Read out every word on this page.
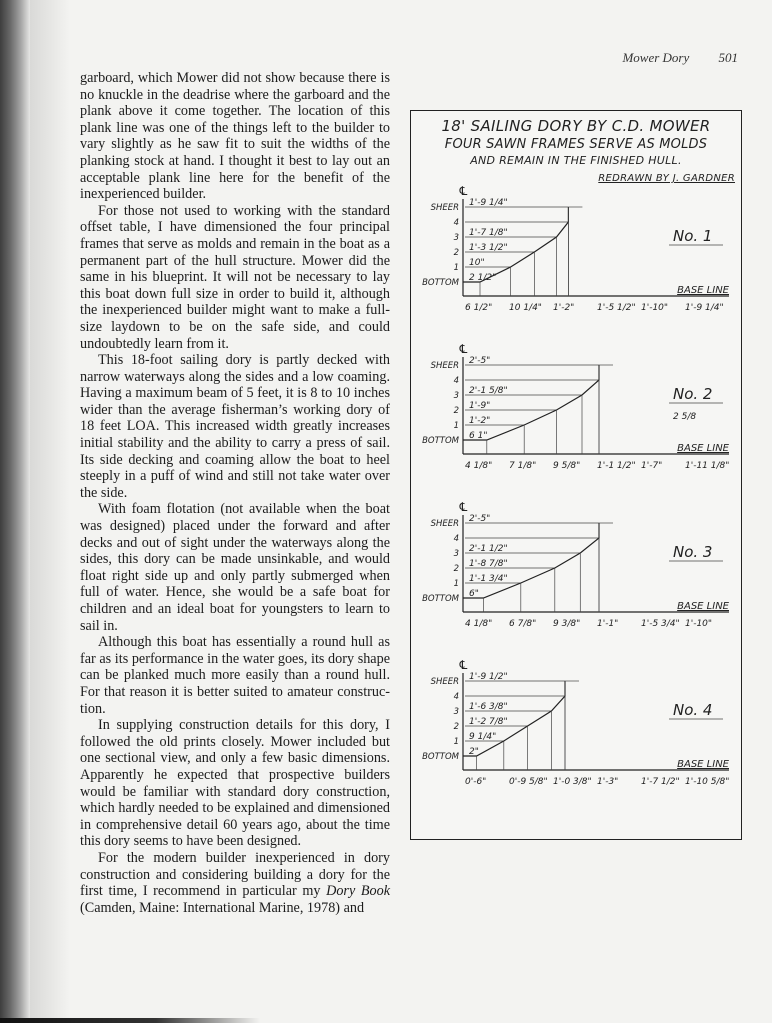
Mower Dory 501

garboard, which Mower did not show because there is no knuckle in the deadrise where the garboard and the plank above it come together. The location of this plank line was one of the things left to the builder to vary slightly as he saw fit to suit the widths of the planking stock at hand. I thought it best to lay out an acceptable plank line here for the benefit of the inexperienced builder.

For those not used to working with the standard offset table, I have dimensioned the four principal frames that serve as molds and remain in the boat as a permanent part of the hull structure. Mower did the same in his blueprint. It will not be necessary to lay this boat down full size in order to build it, although the inexperienced builder might want to make a full-size laydown to be on the safe side, and could undoubtedly learn from it.

This 18-foot sailing dory is partly decked with narrow waterways along the sides and a low coaming. Having a maximum beam of 5 feet, it is 8 to 10 inches wider than the average fisherman’s working dory of 18 feet LOA. This increased width greatly increases initial stability and the ability to carry a press of sail. Its side decking and coaming allow the boat to heel steeply in a puff of wind and still not take water over the side.

With foam flotation (not available when the boat was designed) placed under the forward and after decks and out of sight under the waterways along the sides, this dory can be made unsinkable, and would float right side up and only partly submerged when full of water. Hence, she would be a safe boat for children and an ideal boat for youngsters to learn to sail in.

Although this boat has essentially a round hull as far as its performance in the water goes, its dory shape can be planked much more easily than a round hull. For that reason it is better suited to amateur construction.

In supplying construction details for this dory, I followed the old prints closely. Mower included but one sectional view, and only a few basic dimensions. Apparently he expected that prospective builders would be familiar with standard dory construction, which hardly needed to be explained and dimensioned in comprehensive detail 60 years ago, about the time this dory seems to have been designed.

For the modern builder inexperienced in dory construction and considering building a dory for the first time, I recommend in particular my Dory Book (Camden, Maine: International Marine, 1978) and

18' SAILING DORY BY C.D. MOWER
FOUR SAWN FRAMES SERVE AS MOLDS
AND REMAIN IN THE FINISHED HULL.
REDRAWN BY J. GARDNER
℄
BASE LINE
No. 1
SHEER 1'-9 1/4"
4
3 1'-7 1/8"
2 1'-3 1/2"
1 10"
BOTTOM 2 1/2"
6 1/2" 10 1/4" 1'-2"	1'-5 1/2" 1'-10" 1'-9 1/4"
℄
BASE LINE
No. 2
SHEER 2'-5"
4
3 2'-1 5/8"
2 1'-9"
1 1'-2"
BOTTOM 6 1"
4 1/8" 7 1/8" 9 5/8" 1'-1 1/2" 1'-7"	1'-11 1/8"
2 5/8
℄
BASE LINE
No. 3
SHEER 2'-5"
4
3 2'-1 1/2"
2 1'-8 7/8"
1 1'-1 3/4"
BOTTOM 6"
4 1/8" 6 7/8" 9 3/8" 1'-1"	1'-5 3/4" 1'-10"
℄
BASE LINE
No. 4
SHEER 1'-9 1/2"
4
3 1'-6 3/8"
2 1'-2 7/8"
1 9 1/4"
BOTTOM 2"
0'-6"	0'-9 5/8" 1'-0 3/8" 1'-3"	1'-7 1/2" 1'-10 5/8"
